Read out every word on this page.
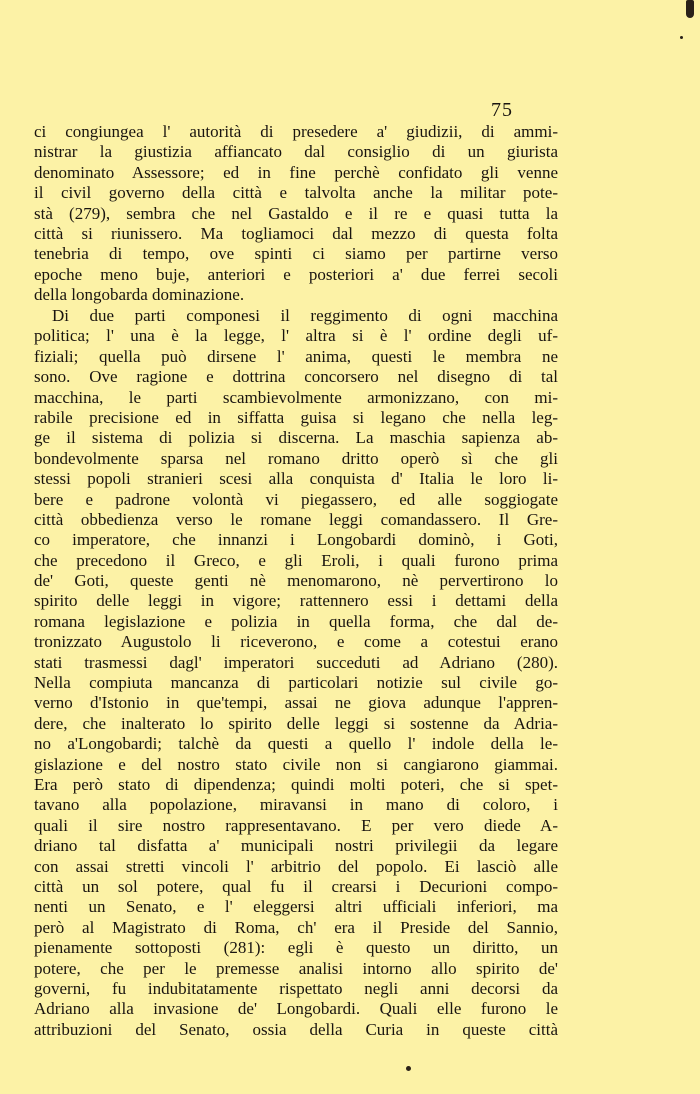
75
ci congiungea l' autorità di presedere a' giudizii, di ammi-
nistrar la giustizia affiancato dal consiglio di un giurista
denominato Assessore; ed in fine perchè confidato gli venne
il civil governo della città e talvolta anche la militar pote-
stà (279), sembra che nel Gastaldo e il re e quasi tutta la
città si riunissero. Ma togliamoci dal mezzo di questa folta
tenebria di tempo, ove spinti ci siamo per partirne verso
epoche meno buje, anteriori e posteriori a' due ferrei secoli
della longobarda dominazione.
Di due parti componesi il reggimento di ogni macchina
politica; l' una è la legge, l' altra si è l' ordine degli uf-
fiziali; quella può dirsene l' anima, questi le membra ne
sono. Ove ragione e dottrina concorsero nel disegno di tal
macchina, le parti scambievolmente armonizzano, con mi-
rabile precisione ed in siffatta guisa si legano che nella leg-
ge il sistema di polizia si discerna. La maschia sapienza ab-
bondevolmente sparsa nel romano dritto operò sì che gli
stessi popoli stranieri scesi alla conquista d' Italia le loro li-
bere e padrone volontà vi piegassero, ed alle soggiogate
città obbedienza verso le romane leggi comandassero. Il Gre-
co imperatore, che innanzi i Longobardi dominò, i Goti,
che precedono il Greco, e gli Eroli, i quali furono prima
de' Goti, queste genti nè menomarono, nè pervertirono lo
spirito delle leggi in vigore; rattennero essi i dettami della
romana legislazione e polizia in quella forma, che dal de-
tronizzato Augustolo li riceverono, e come a cotestui erano
stati trasmessi dagl' imperatori succeduti ad Adriano (280).
Nella compiuta mancanza di particolari notizie sul civile go-
verno d'Istonio in que'tempi, assai ne giova adunque l'appren-
dere, che inalterato lo spirito delle leggi si sostenne da Adria-
no a'Longobardi; talchè da questi a quello l' indole della le-
gislazione e del nostro stato civile non si cangiarono giammai.
Era però stato di dipendenza; quindi molti poteri, che si spet-
tavano alla popolazione, miravansi in mano di coloro, i
quali il sire nostro rappresentavano. E per vero diede A-
driano tal disfatta a' municipali nostri privilegii da legare
con assai stretti vincoli l' arbitrio del popolo. Ei lasciò alle
città un sol potere, qual fu il crearsi i Decurioni compo-
nenti un Senato, e l' eleggersi altri ufficiali inferiori, ma
però al Magistrato di Roma, ch' era il Preside del Sannio,
pienamente sottoposti (281): egli è questo un diritto, un
potere, che per le premesse analisi intorno allo spirito de'
governi, fu indubitatamente rispettato negli anni decorsi da
Adriano alla invasione de' Longobardi. Quali elle furono le
attribuzioni del Senato, ossia della Curia in queste città
